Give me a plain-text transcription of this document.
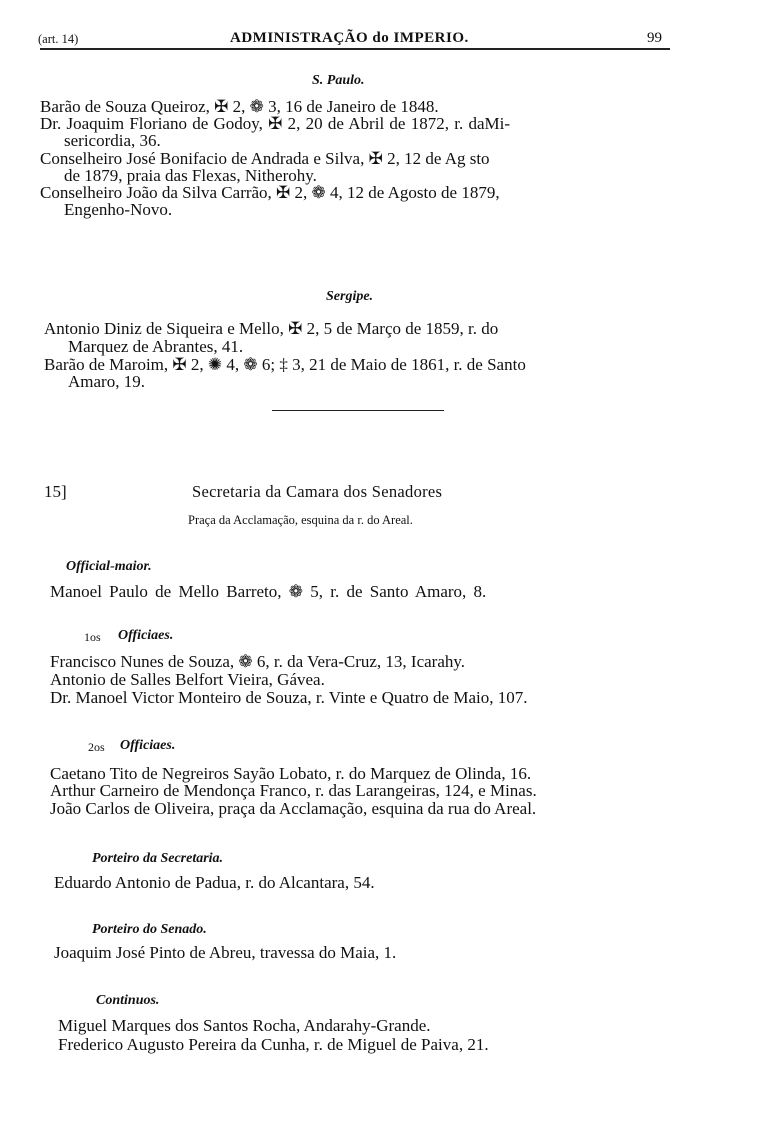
(art. 14)	ADMINISTRAÇÃO do IMPERIO.	99
S. Paulo.
Barão de Souza Queiroz, ✠ 2, ❁ 3, 16 de Janeiro de 1848.
Dr. Joaquim Floriano de Godoy, ✠ 2, 20 de Abril de 1872, r. daMi-
sericordia, 36.
Conselheiro José Bonifacio de Andrada e Silva, ✠ 2, 12 de Ag sto
de 1879, praia das Flexas, Nitherohy.
Conselheiro João da Silva Carrão, ✠ 2, ❁ 4, 12 de Agosto de 1879,
Engenho-Novo.
Sergipe.
Antonio Diniz de Siqueira e Mello, ✠ 2, 5 de Março de 1859, r. do
Marquez de Abrantes, 41.
Barão de Maroim, ✠ 2, ✺ 4, ❁ 6; ‡ 3, 21 de Maio de 1861, r. de Santo
Amaro, 19.
15]	Secretaria da Camara dos Senadores
Praça da Acclamação, esquina da r. do Areal.
Official-maior.
Manoel Paulo de Mello Barreto, ❁ 5, r. de Santo Amaro, 8.
1os Officiaes.
Francisco Nunes de Souza, ❁ 6, r. da Vera-Cruz, 13, Icarahy.
Antonio de Salles Belfort Vieira, Gávea.
Dr. Manoel Victor Monteiro de Souza, r. Vinte e Quatro de Maio, 107.
2os Officiaes.
Caetano Tito de Negreiros Sayão Lobato, r. do Marquez de Olinda, 16.
Arthur Carneiro de Mendonça Franco, r. das Larangeiras, 124, e Minas.
João Carlos de Oliveira, praça da Acclamação, esquina da rua do Areal.
Porteiro da Secretaria.
Eduardo Antonio de Padua, r. do Alcantara, 54.
Porteiro do Senado.
Joaquim José Pinto de Abreu, travessa do Maia, 1.
Continuos.
Miguel Marques dos Santos Rocha, Andarahy-Grande.
Frederico Augusto Pereira da Cunha, r. de Miguel de Paiva, 21.
